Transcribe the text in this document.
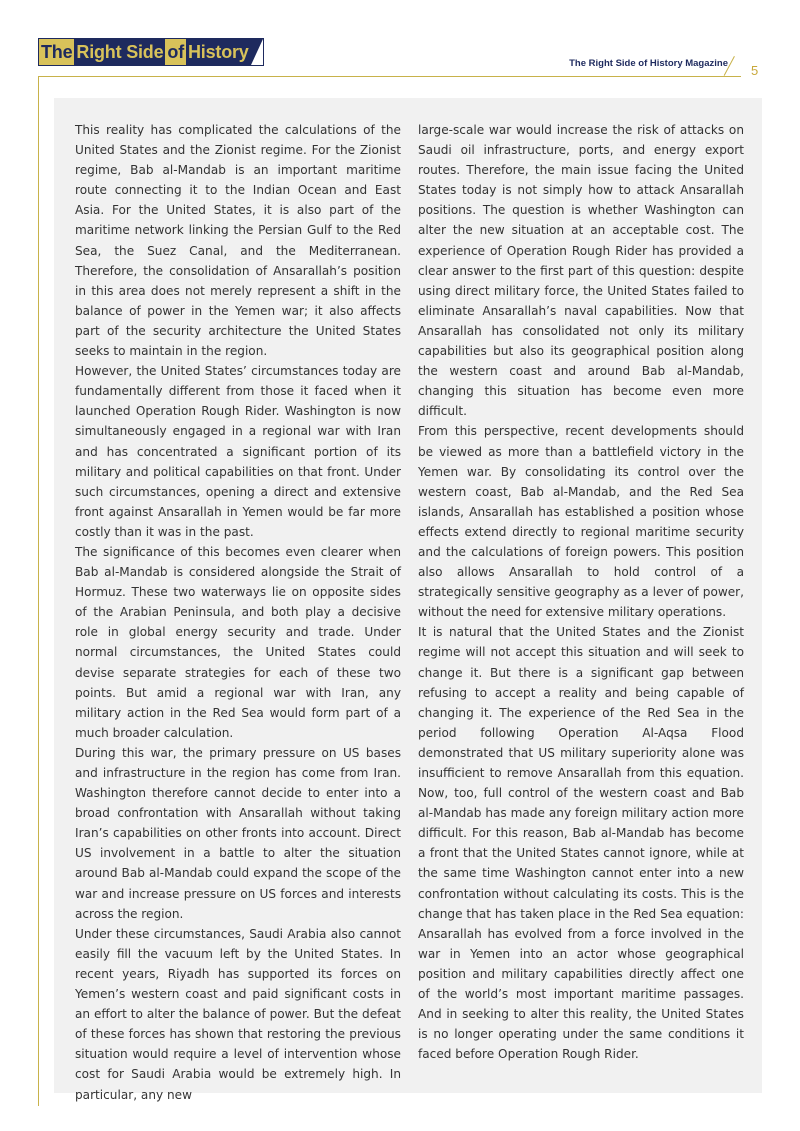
The Right Side of History
The Right Side of History Magazine 5

This reality has complicated the calculations of the United States and the Zionist regime. For the Zionist regime, Bab al-Mandab is an important maritime route connecting it to the Indian Ocean and East Asia. For the United States, it is also part of the maritime network linking the Persian Gulf to the Red Sea, the Suez Canal, and the Mediterranean. Therefore, the consolidation of Ansarallah’s position in this area does not merely represent a shift in the balance of power in the Yemen war; it also affects part of the security architecture the United States seeks to maintain in the region.

However, the United States’ circumstances today are fundamentally different from those it faced when it launched Operation Rough Rider. Washington is now simultaneously engaged in a regional war with Iran and has concentrated a significant portion of its military and political capabilities on that front. Under such circumstances, opening a direct and extensive front against Ansarallah in Yemen would be far more costly than it was in the past.

The significance of this becomes even clearer when Bab al-Mandab is considered alongside the Strait of Hormuz. These two waterways lie on opposite sides of the Arabian Peninsula, and both play a decisive role in global energy security and trade. Under normal circumstances, the United States could devise separate strategies for each of these two points. But amid a regional war with Iran, any military action in the Red Sea would form part of a much broader calculation.

During this war, the primary pressure on US bases and infrastructure in the region has come from Iran. Washington therefore cannot decide to enter into a broad confrontation with Ansarallah without taking Iran’s capabilities on other fronts into account. Direct US involvement in a battle to alter the situation around Bab al-Mandab could expand the scope of the war and increase pressure on US forces and interests across the region.

Under these circumstances, Saudi Arabia also cannot easily fill the vacuum left by the United States. In recent years, Riyadh has supported its forces on Yemen’s western coast and paid significant costs in an effort to alter the balance of power. But the defeat of these forces has shown that restoring the previous situation would require a level of intervention whose cost for Saudi Arabia would be extremely high. In particular, any new

large-scale war would increase the risk of attacks on Saudi oil infrastructure, ports, and energy export routes. Therefore, the main issue facing the United States today is not simply how to attack Ansarallah positions. The question is whether Washington can alter the new situation at an acceptable cost. The experience of Operation Rough Rider has provided a clear answer to the first part of this question: despite using direct military force, the United States failed to eliminate Ansarallah’s naval capabilities. Now that Ansarallah has consolidated not only its military capabilities but also its geographical position along the western coast and around Bab al-Mandab, changing this situation has become even more difficult.

From this perspective, recent developments should be viewed as more than a battlefield victory in the Yemen war. By consolidating its control over the western coast, Bab al-Mandab, and the Red Sea islands, Ansarallah has established a position whose effects extend directly to regional maritime security and the calculations of foreign powers. This position also allows Ansarallah to hold control of a strategically sensitive geography as a lever of power, without the need for extensive military operations.

It is natural that the United States and the Zionist regime will not accept this situation and will seek to change it. But there is a significant gap between refusing to accept a reality and being capable of changing it. The experience of the Red Sea in the period following Operation Al-Aqsa Flood demonstrated that US military superiority alone was insufficient to remove Ansarallah from this equation. Now, too, full control of the western coast and Bab al-Mandab has made any foreign military action more difficult. For this reason, Bab al-Mandab has become a front that the United States cannot ignore, while at the same time Washington cannot enter into a new confrontation without calculating its costs. This is the change that has taken place in the Red Sea equation: Ansarallah has evolved from a force involved in the war in Yemen into an actor whose geographical position and military capabilities directly affect one of the world’s most important maritime passages. And in seeking to alter this reality, the United States is no longer operating under the same conditions it faced before Operation Rough Rider.
